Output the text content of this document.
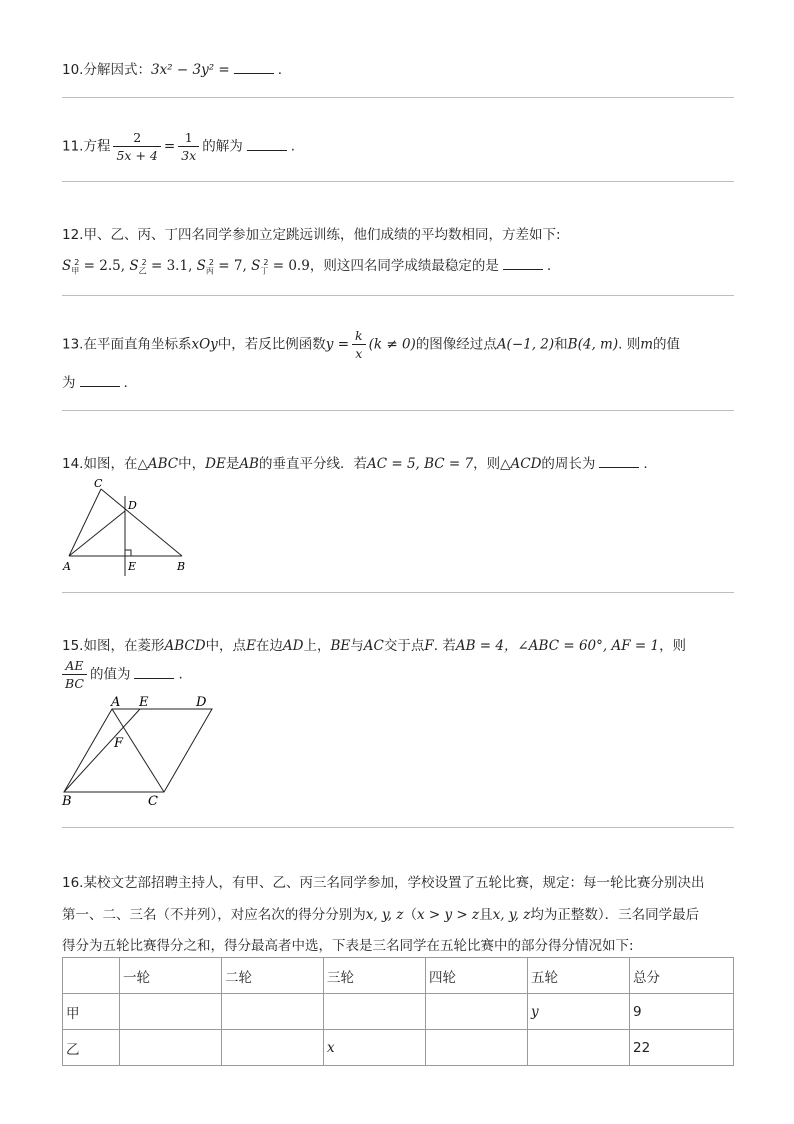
10.分解因式：3x² − 3y² =	.
11.方程 $\frac{2}{5x + 4} = \frac{1}{3x}$ 的解为	.
12.甲、乙、丙、丁四名同学参加立定跳远训练，他们成绩的平均数相同，方差如下:
$S_甲^2 = 2.5$, $S_乙^2 = 3.1$, $S_丙^2 = 7$, $S_丁^2 = 0.9$，则这四名同学成绩最稳定的是	.
13.在平面直角坐标系xOy中，若反比例函数$y = \frac{k}{x} (k \ne 0)$的图像经过点A(−1, 2)和B(4, m). 则m的值
为	.
14.如图，在△ABC中，DE是AB的垂直平分线．若AC = 5, BC = 7，则△ACD的周长为	.
C
D
A	E	B
15.如图，在菱形ABCD中，点E在边AD上，BE与AC交于点F. 若AB = 4，∠ABC = 60°, AF = 1，则
$\frac{AE}{BC}$ 的值为	.
A E	D
F
B	C
16.某校文艺部招聘主持人，有甲、乙、丙三名同学参加，学校设置了五轮比赛，规定：每一轮比赛分别决出
第一、二、三名（不并列），对应名次的得分分别为x, y, z（x > y > z且x, y, z均为正整数）．三名同学最后
得分为五轮比赛得分之和，得分最高者中选，下表是三名同学在五轮比赛中的部分得分情况如下:
	一轮	二轮	三轮	四轮	五轮	总分
甲					y	9
乙			x			22
